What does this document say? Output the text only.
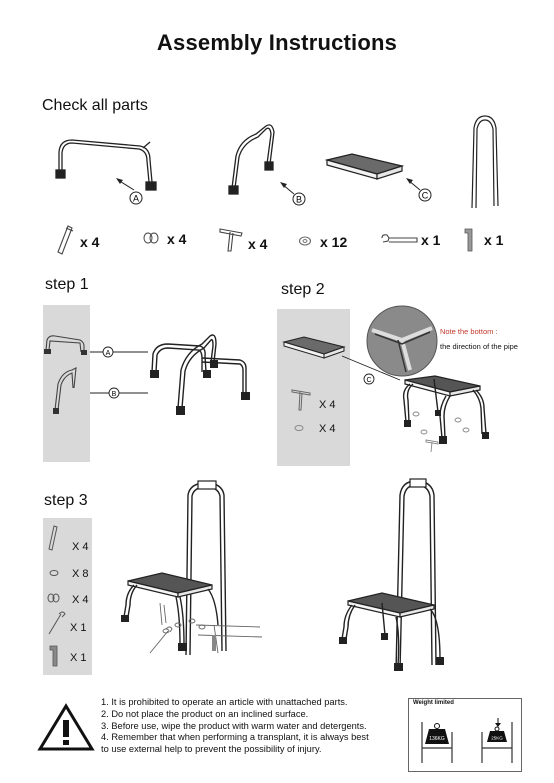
Assembly Instructions
Check all parts
A	B	C
x 4	x 4	x 4	x 12	x 1	x 1
step 1
A
B
step 2
C
X 4
X 4
Note the bottom :
the direction of the pipe
step 3
X 4
X 8
X 4
X 1
X 1
1. It is prohibited to operate an article with unattached parts.
2. Do not place the product on an inclined surface.
3. Before use, wipe the product with warm water and detergents.
4. Remember that when performing a transplant, it is always best
to use external help to prevent the possibility of injury.
Weight limited
136KG	25KG
